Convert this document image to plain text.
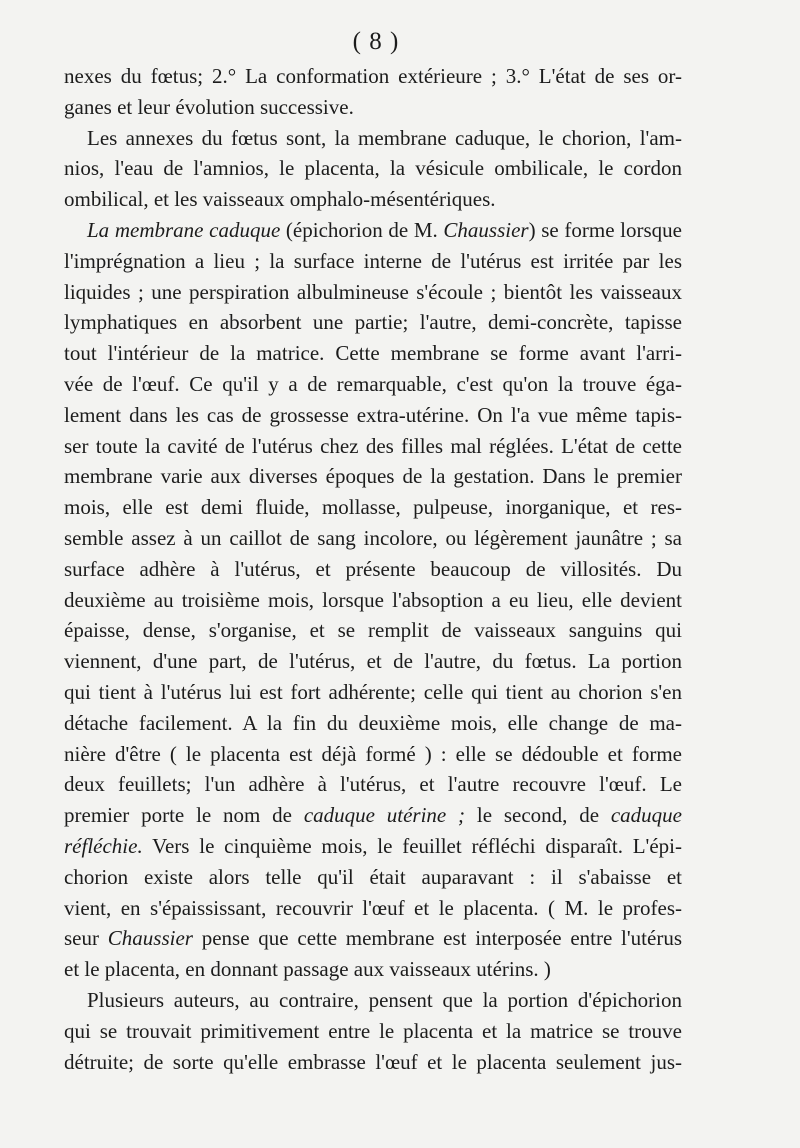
( 8 )
nexes du fœtus; 2.° La conformation extérieure ; 3.° L'état de ses or-
ganes et leur évolution successive.
Les annexes du fœtus sont, la membrane caduque, le chorion, l'am-
nios, l'eau de l'amnios, le placenta, la vésicule ombilicale, le cordon
ombilical, et les vaisseaux omphalo-mésentériques.
La membrane caduque (épichorion de M. Chaussier) se forme lorsque
l'imprégnation a lieu ; la surface interne de l'utérus est irritée par les
liquides ; une perspiration albulmineuse s'écoule ; bientôt les vaisseaux
lymphatiques en absorbent une partie; l'autre, demi-concrète, tapisse
tout l'intérieur de la matrice. Cette membrane se forme avant l'arri-
vée de l'œuf. Ce qu'il y a de remarquable, c'est qu'on la trouve éga-
lement dans les cas de grossesse extra-utérine. On l'a vue même tapis-
ser toute la cavité de l'utérus chez des filles mal réglées. L'état de cette
membrane varie aux diverses époques de la gestation. Dans le premier
mois, elle est demi fluide, mollasse, pulpeuse, inorganique, et res-
semble assez à un caillot de sang incolore, ou légèrement jaunâtre ; sa
surface adhère à l'utérus, et présente beaucoup de villosités. Du
deuxième au troisième mois, lorsque l'absoption a eu lieu, elle devient
épaisse, dense, s'organise, et se remplit de vaisseaux sanguins qui
viennent, d'une part, de l'utérus, et de l'autre, du fœtus. La portion
qui tient à l'utérus lui est fort adhérente; celle qui tient au chorion s'en
détache facilement. A la fin du deuxième mois, elle change de ma-
nière d'être ( le placenta est déjà formé ) : elle se dédouble et forme
deux feuillets; l'un adhère à l'utérus, et l'autre recouvre l'œuf. Le
premier porte le nom de caduque utérine ; le second, de caduque
réfléchie. Vers le cinquième mois, le feuillet réfléchi disparaît. L'épi-
chorion existe alors telle qu'il était auparavant : il s'abaisse et
vient, en s'épaississant, recouvrir l'œuf et le placenta. ( M. le profes-
seur Chaussier pense que cette membrane est interposée entre l'utérus
et le placenta, en donnant passage aux vaisseaux utérins. )
Plusieurs auteurs, au contraire, pensent que la portion d'épichorion
qui se trouvait primitivement entre le placenta et la matrice se trouve
détruite; de sorte qu'elle embrasse l'œuf et le placenta seulement jus-
